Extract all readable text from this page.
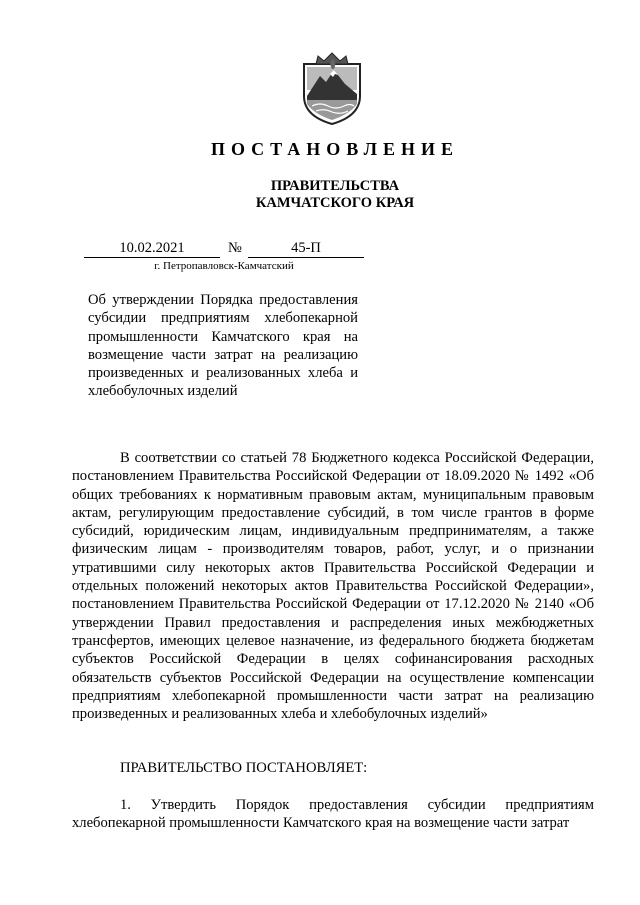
ПОСТАНОВЛЕНИЕ
ПРАВИТЕЛЬСТВА
КАМЧАТСКОГО КРАЯ
10.02.2021	№	45-П
г. Петропавловск-Камчатский
Об утверждении Порядка предоставления субсидии предприятиям хлебопекарной промышленности Камчатского края на возмещение части затрат на реализацию произведенных и реализованных хлеба и хлебобулочных изделий

В соответствии со статьей 78 Бюджетного кодекса Российской Федерации, постановлением Правительства Российской Федерации от 18.09.2020 № 1492 «Об общих требованиях к нормативным правовым актам, муниципальным правовым актам, регулирующим предоставление субсидий, в том числе грантов в форме субсидий, юридическим лицам, индивидуальным предпринимателям, а также физическим лицам - производителям товаров, работ, услуг, и о признании утратившими силу некоторых актов Правительства Российской Федерации и отдельных положений некоторых актов Правительства Российской Федерации», постановлением Правительства Российской Федерации от 17.12.2020 № 2140 «Об утверждении Правил предоставления и распределения иных межбюджетных трансфертов, имеющих целевое назначение, из федерального бюджета бюджетам субъектов Российской Федерации в целях софинансирования расходных обязательств субъектов Российской Федерации на осуществление компенсации предприятиям хлебопекарной промышленности части затрат на реализацию произведенных и реализованных хлеба и хлебобулочных изделий»

ПРАВИТЕЛЬСТВО ПОСТАНОВЛЯЕТ:

1. Утвердить Порядок предоставления субсидии предприятиям хлебопекарной промышленности Камчатского края на возмещение части затрат
